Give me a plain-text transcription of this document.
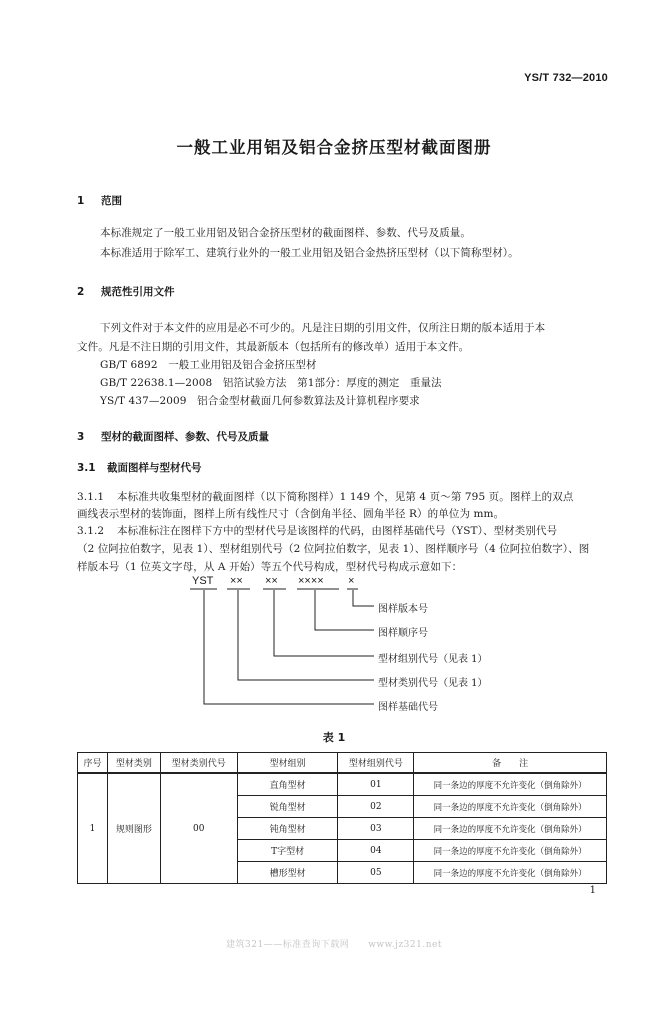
YS/T 732—2010
一般工业用铝及铝合金挤压型材截面图册
1 范围
本标准规定了一般工业用铝及铝合金挤压型材的截面图样、参数、代号及质量。
本标准适用于除军工、建筑行业外的一般工业用铝及铝合金热挤压型材（以下简称型材）。
2 规范性引用文件
下列文件对于本文件的应用是必不可少的。凡是注日期的引用文件，仅所注日期的版本适用于本
文件。凡是不注日期的引用文件，其最新版本（包括所有的修改单）适用于本文件。
GB/T 6892　一般工业用铝及铝合金挤压型材
GB/T 22638.1—2008　铝箔试验方法　第1部分：厚度的测定　重量法
YS/T 437—2009　铝合金型材截面几何参数算法及计算机程序要求
3 型材的截面图样、参数、代号及质量
3.1 截面图样与型材代号
3.1.1 本标准共收集型材的截面图样（以下简称图样）1 149 个，见第 4 页～第 795 页。图样上的双点
画线表示型材的装饰面，图样上所有线性尺寸（含倒角半径、圆角半径 R）的单位为 mm。
3.1.2 本标准标注在图样下方中的型材代号是该图样的代码，由图样基础代号（YST）、型材类别代号
（2 位阿拉伯数字，见表 1）、型材组别代号（2 位阿拉伯数字，见表 1）、图样顺序号（4 位阿拉伯数字）、图
样版本号（1 位英文字母，从 A 开始）等五个代号构成，型材代号构成示意如下：
YST ×× ×× ×××× ×
图样版本号
图样顺序号
型材组别代号（见表 1）
型材类别代号（见表 1）
图样基础代号
表 1
序号	型材类别	型材类别代号	型材组别	型材组别代号	备　　注
1	规则图形	00	直角型材	01	同一条边的厚度不允许变化（倒角除外）
			锐角型材	02	同一条边的厚度不允许变化（倒角除外）
			钝角型材	03	同一条边的厚度不允许变化（倒角除外）
			T字型材	04	同一条边的厚度不允许变化（倒角除外）
			槽形型材	05	同一条边的厚度不允许变化（倒角除外）
1
建筑321——标准查询下载网　　www.jz321.net
